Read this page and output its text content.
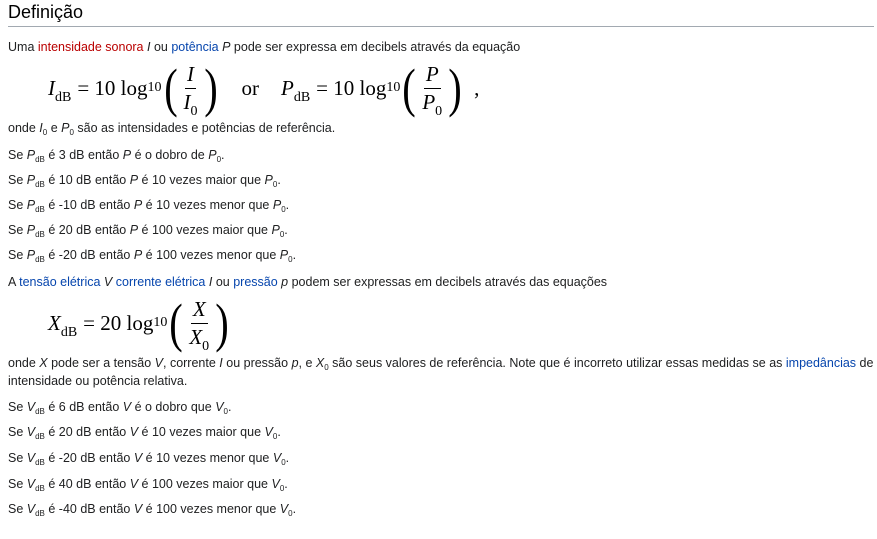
Definição
Uma intensidade sonora I ou potência P pode ser expressa em decibels através da equação
$I_{dB} = 10$ log 10 ( $\frac{I}{I_0}$ ) or $P_{dB} = 10$ log 10 ( $\frac{P}{P_0}$ ) ,
onde $I_0$ e $P_0$ são as intensidades e potências de referência.
Se $P_{dB}$ é 3 dB então P é o dobro de $P_0$.
Se $P_{dB}$ é 10 dB então P é 10 vezes maior que $P_0$.
Se $P_{dB}$ é -10 dB então P é 10 vezes menor que $P_0$.
Se $P_{dB}$ é 20 dB então P é 100 vezes maior que $P_0$.
Se $P_{dB}$ é -20 dB então P é 100 vezes menor que $P_0$.
A tensão elétrica V corrente elétrica I ou pressão p podem ser expressas em decibels através das equações
$X_{dB} = 20$ log 10 ( $\frac{X}{X_0}$ )
onde X pode ser a tensão V, corrente I ou pressão p, e $X_0$ são seus valores de referência. Note que é incorreto utilizar essas medidas se as impedâncias de intensidade ou potência relativa.
Se $V_{dB}$ é 6 dB então V é o dobro que $V_0$.
Se $V_{dB}$ é 20 dB então V é 10 vezes maior que $V_0$.
Se $V_{dB}$ é -20 dB então V é 10 vezes menor que $V_0$.
Se $V_{dB}$ é 40 dB então V é 100 vezes maior que $V_0$.
Se $V_{dB}$ é -40 dB então V é 100 vezes menor que $V_0$.
